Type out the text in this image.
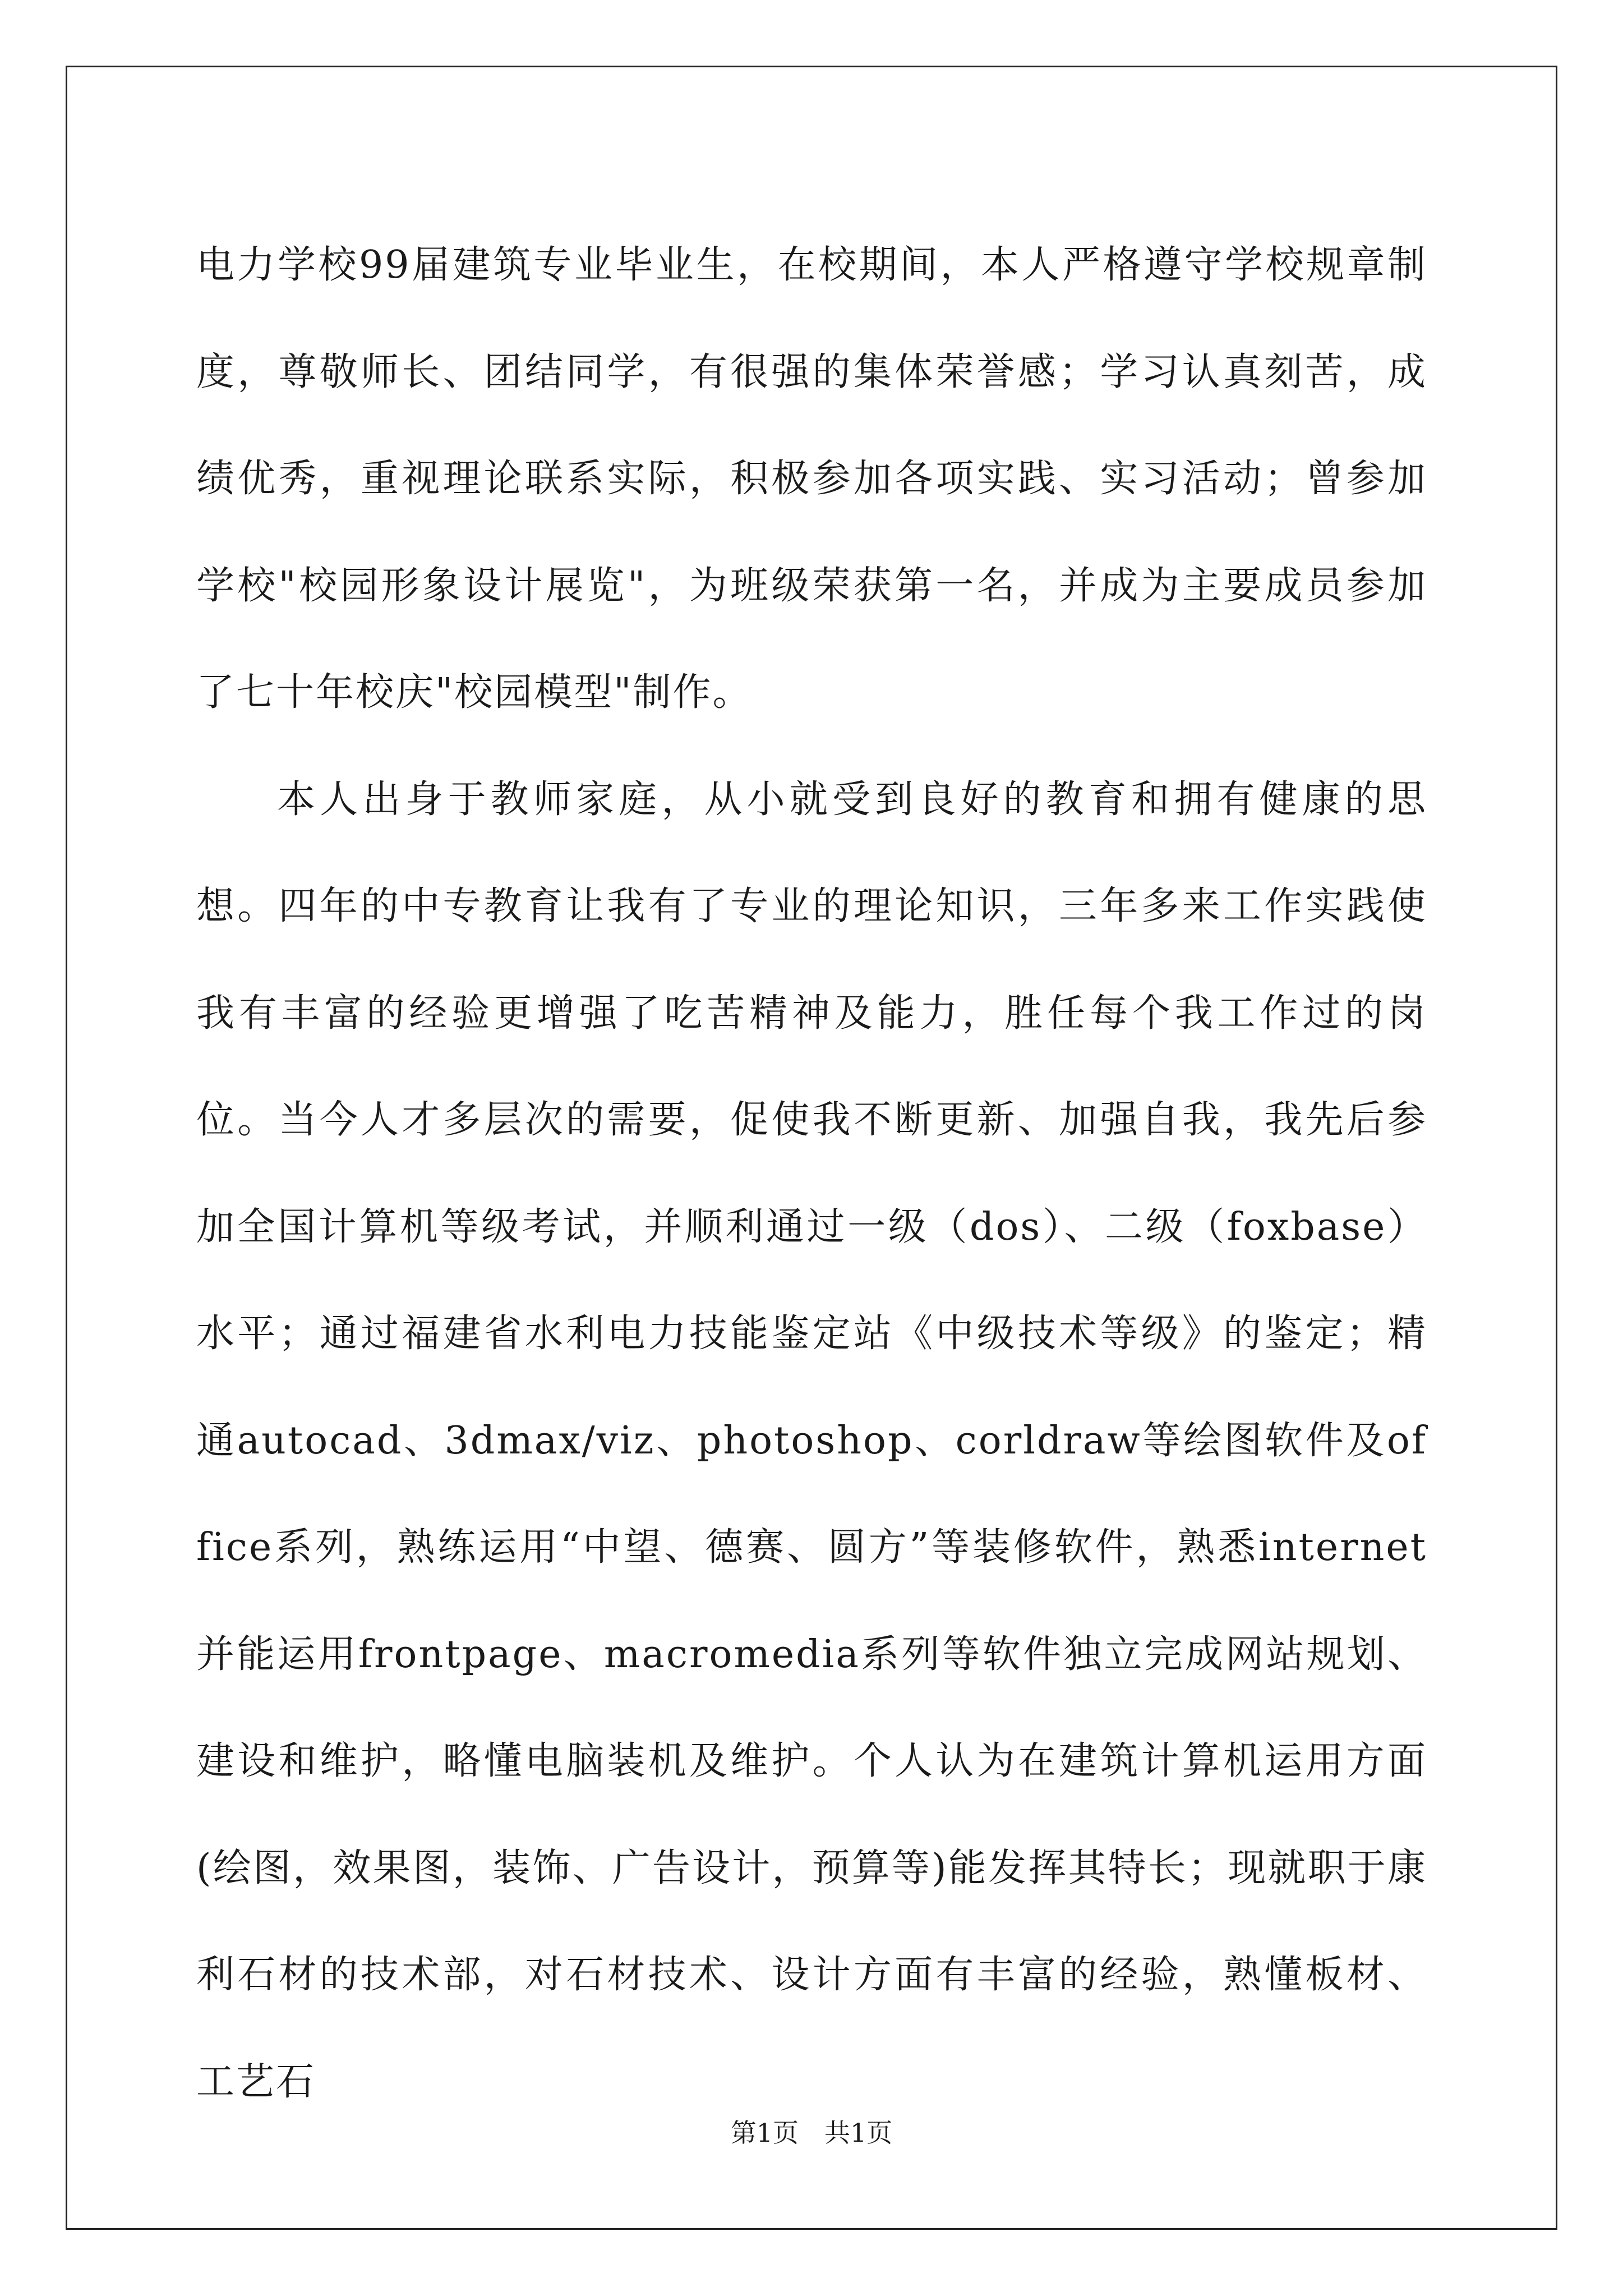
电力学校99届建筑专业毕业生，在校期间，本人严格遵守学校规章制度，尊敬师长、团结同学，有很强的集体荣誉感；学习认真刻苦，成绩优秀，重视理论联系实际，积极参加各项实践、实习活动；曾参加学校"校园形象设计展览"，为班级荣获第一名，并成为主要成员参加了七十年校庆"校园模型"制作。

本人出身于教师家庭，从小就受到良好的教育和拥有健康的思想。四年的中专教育让我有了专业的理论知识，三年多来工作实践使我有丰富的经验更增强了吃苦精神及能力，胜任每个我工作过的岗位。当今人才多层次的需要，促使我不断更新、加强自我，我先后参加全国计算机等级考试，并顺利通过一级（dos）、二级（foxbase）水平；通过福建省水利电力技能鉴定站《中级技术等级》的鉴定；精通autocad、3dmax/viz、photoshop、corldraw等绘图软件及office系列，熟练运用“中望、德赛、圆方”等装修软件，熟悉internet并能运用frontpage、macromedia系列等软件独立完成网站规划、建设和维护，略懂电脑装机及维护。个人认为在建筑计算机运用方面(绘图，效果图，装饰、广告设计，预算等)能发挥其特长；现就职于康利石材的技术部，对石材技术、设计方面有丰富的经验，熟懂板材、工艺石

第1页　共1页
